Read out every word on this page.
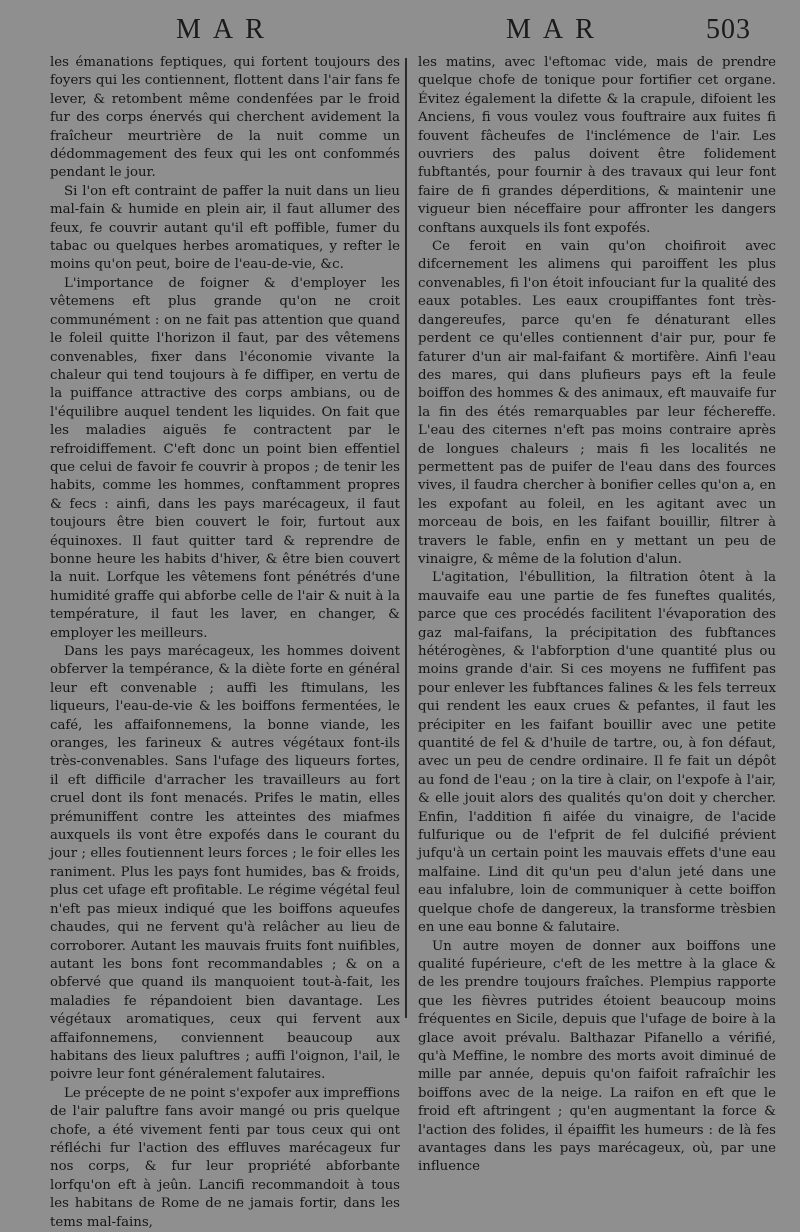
MAR	MAR	503

les émanations feptiques, qui fortent toujours des foyers qui les contiennent, flottent dans l'air fans fe lever, & retombent même condenfées par le froid fur des corps énervés qui cherchent avidement la fraîcheur meurtrière de la nuit comme un dédommagement des feux qui les ont confommés pendant le jour.

Si l'on eft contraint de paffer la nuit dans un lieu mal-fain & humide en plein air, il faut allumer des feux, fe couvrir autant qu'il eft poffible, fumer du tabac ou quelques herbes aromatiques, y refter le moins qu'on peut, boire de l'eau-de-vie, &c.

L'importance de foigner & d'employer les vêtemens eft plus grande qu'on ne croit communément : on ne fait pas attention que quand le foleil quitte l'horizon il faut, par des vêtemens convenables, fixer dans l'économie vivante la chaleur qui tend toujours à fe diffiper, en vertu de la puiffance attractive des corps ambians, ou de l'équilibre auquel tendent les liquides. On fait que les maladies aiguës fe contractent par le refroidiffement. C'eft donc un point bien effentiel que celui de favoir fe couvrir à propos ; de tenir les habits, comme les hommes, conftamment propres & fecs : ainfi, dans les pays marécageux, il faut toujours être bien couvert le foir, furtout aux équinoxes. Il faut quitter tard & reprendre de bonne heure les habits d'hiver, & être bien couvert la nuit. Lorfque les vêtemens font pénétrés d'une humidité graffe qui abforbe celle de l'air & nuit à la température, il faut les laver, en changer, & employer les meilleurs.

Dans les pays marécageux, les hommes doivent obferver la tempérance, & la diète forte en général leur eft convenable ; auffi les ftimulans, les liqueurs, l'eau-de-vie & les boiffons fermentées, le café, les affaifonnemens, la bonne viande, les oranges, les farineux & autres végétaux font-ils très-convenables. Sans l'ufage des liqueurs fortes, il eft difficile d'arracher les travailleurs au fort cruel dont ils font menacés. Prifes le matin, elles prémuniffent contre les atteintes des miafmes auxquels ils vont être expofés dans le courant du jour ; elles foutiennent leurs forces ; le foir elles les raniment. Plus les pays font humides, bas & froids, plus cet ufage eft profitable. Le régime végétal feul n'eft pas mieux indiqué que les boiffons aqueufes chaudes, qui ne fervent qu'à relâcher au lieu de corroborer. Autant les mauvais fruits font nuifibles, autant les bons font recommandables ; & on a obfervé que quand ils manquoient tout-à-fait, les maladies fe répandoient bien davantage. Les végétaux aromatiques, ceux qui fervent aux affaifonnemens, conviennent beaucoup aux habitans des lieux paluftres ; auffi l'oignon, l'ail, le poivre leur font généralement falutaires.

Le précepte de ne point s'expofer aux impreffions de l'air paluftre fans avoir mangé ou pris quelque chofe, a été vivement fenti par tous ceux qui ont réfléchi fur l'action des effluves marécageux fur nos corps, & fur leur propriété abforbante lorfqu'on eft à jeûn. Lancifi recommandoit à tous les habitans de Rome de ne jamais fortir, dans les tems mal-fains,

les matins, avec l'eftomac vide, mais de prendre quelque chofe de tonique pour fortifier cet organe. Évitez également la difette & la crapule, difoient les Anciens, fi vous voulez vous fouftraire aux fuites fi fouvent fâcheufes de l'inclémence de l'air. Les ouvriers des palus doivent être folidement fubftantés, pour fournir à des travaux qui leur font faire de fi grandes déperditions, & maintenir une vigueur bien néceffaire pour affronter les dangers conftans auxquels ils font expofés.

Ce feroit en vain qu'on choifiroit avec difcernement les alimens qui paroiffent les plus convenables, fi l'on étoit infouciant fur la qualité des eaux potables. Les eaux croupiffantes font très-dangereufes, parce qu'en fe dénaturant elles perdent ce qu'elles contiennent d'air pur, pour fe faturer d'un air mal-faifant & mortifère. Ainfi l'eau des mares, qui dans plufieurs pays eft la feule boiffon des hommes & des animaux, eft mauvaife fur la fin des étés remarquables par leur féchereffe. L'eau des citernes n'eft pas moins contraire après de longues chaleurs ; mais fi les localités ne permettent pas de puifer de l'eau dans des fources vives, il faudra chercher à bonifier celles qu'on a, en les expofant au foleil, en les agitant avec un morceau de bois, en les faifant bouillir, filtrer à travers le fable, enfin en y mettant un peu de vinaigre, & même de la folution d'alun.

L'agitation, l'ébullition, la filtration ôtent à la mauvaife eau une partie de fes funeftes qualités, parce que ces procédés facilitent l'évaporation des gaz mal-faifans, la précipitation des fubftances hétérogènes, & l'abforption d'une quantité plus ou moins grande d'air. Si ces moyens ne fuffifent pas pour enlever les fubftances falines & les fels terreux qui rendent les eaux crues & pefantes, il faut les précipiter en les faifant bouillir avec une petite quantité de fel & d'huile de tartre, ou, à fon défaut, avec un peu de cendre ordinaire. Il fe fait un dépôt au fond de l'eau ; on la tire à clair, on l'expofe à l'air, & elle jouit alors des qualités qu'on doit y chercher. Enfin, l'addition fi aifée du vinaigre, de l'acide fulfurique ou de l'efprit de fel dulcifié prévient jufqu'à un certain point les mauvais effets d'une eau malfaine. Lind dit qu'un peu d'alun jeté dans une eau infalubre, loin de communiquer à cette boiffon quelque chofe de dangereux, la transforme trèsbien en une eau bonne & falutaire.

Un autre moyen de donner aux boiffons une qualité fupérieure, c'eft de les mettre à la glace & de les prendre toujours fraîches. Plempius rapporte que les fièvres putrides étoient beaucoup moins fréquentes en Sicile, depuis que l'ufage de boire à la glace avoit prévalu. Balthazar Pifanello a vérifié, qu'à Meffine, le nombre des morts avoit diminué de mille par année, depuis qu'on faifoit rafraîchir les boiffons avec de la neige. La raifon en eft que le froid eft aftringent ; qu'en augmentant la force & l'action des folides, il épaiffit les humeurs : de là fes avantages dans les pays marécageux, où, par une influence
